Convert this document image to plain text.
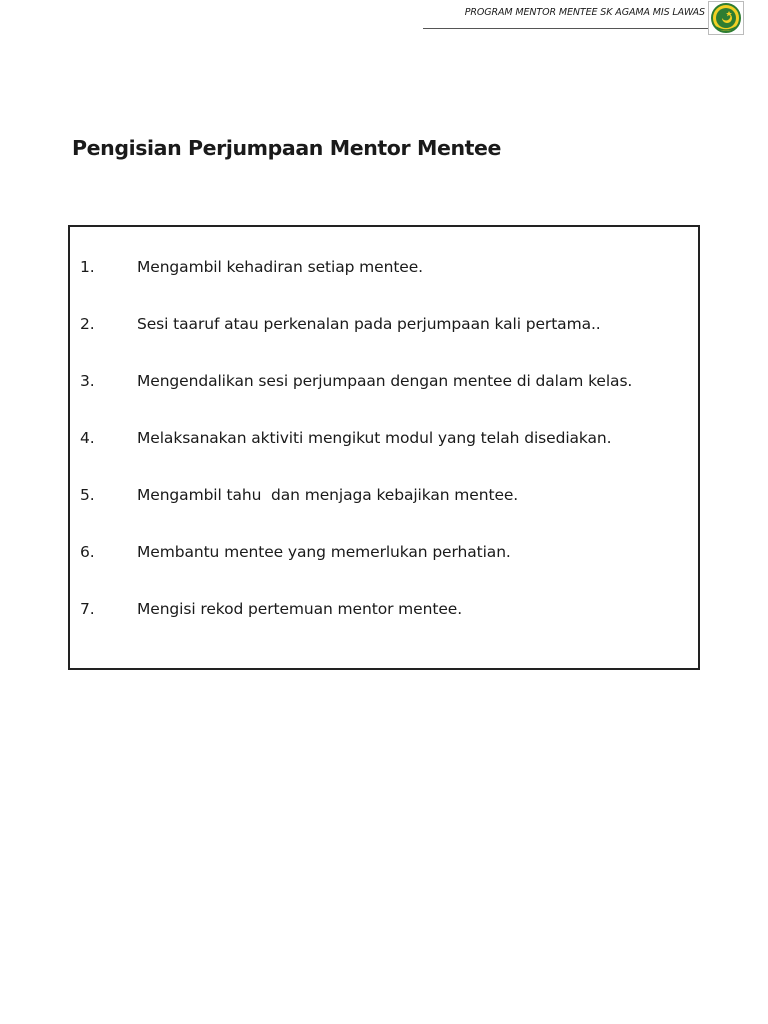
PROGRAM MENTOR MENTEE SK AGAMA MIS LAWAS
Pengisian Perjumpaan Mentor Mentee
1.	Mengambil kehadiran setiap mentee.
2.	Sesi taaruf atau perkenalan pada perjumpaan kali pertama..
3.	Mengendalikan sesi perjumpaan dengan mentee di dalam kelas.
4.	Melaksanakan aktiviti mengikut modul yang telah disediakan.
5.	Mengambil tahu  dan menjaga kebajikan mentee.
6.	Membantu mentee yang memerlukan perhatian.
7.	Mengisi rekod pertemuan mentor mentee.
